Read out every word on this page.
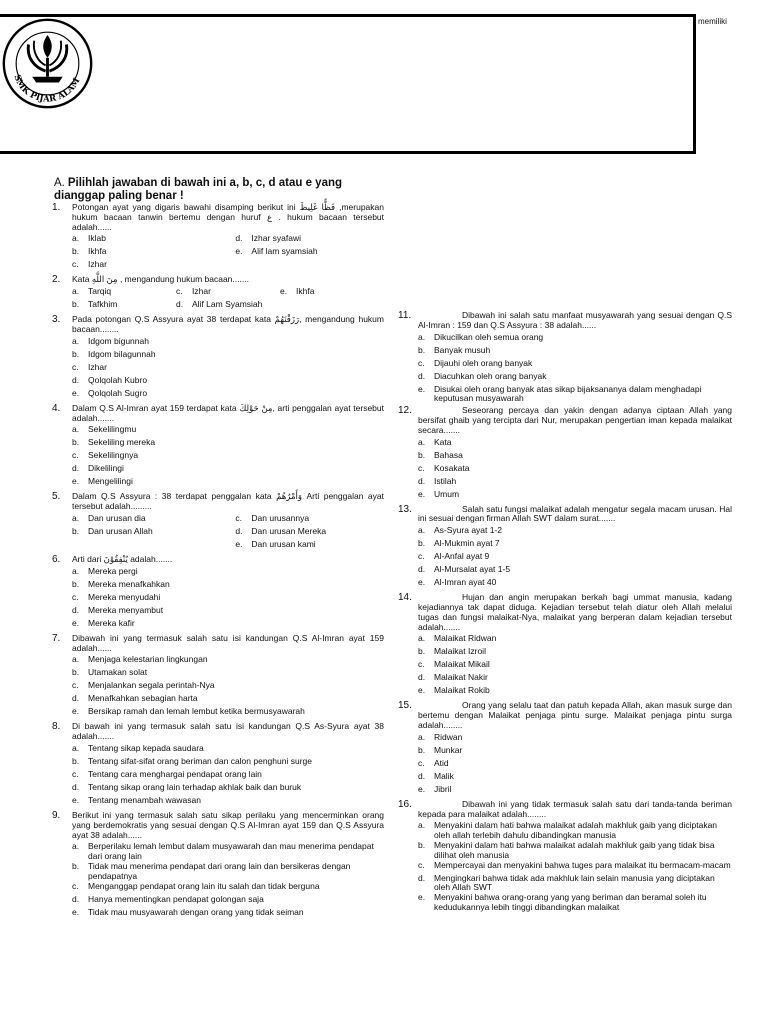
memiliki
SMK PIJAR ALAM
A. Pilihlah jawaban di bawah ini a, b, c, d atau e yang dianggap paling benar !
1. Potongan ayat yang digaris bawahi disamping berikut ini فَظًّا غَلِيظَ ,merupakan hukum bacaan tanwin bertemu dengan huruf ع . hukum bacaan tersebut adalah......
a. Iklab	d. Izhar syafawi
b. Ikhfa	e. Alif lam syamsiah
c. Izhar
2. Kata مِنَ اللَّهِ , mengandung hukum bacaan.......
a. Tarqiq	c. Izhar	e. Ikhfa
b. Tafkhim	d. Alif Lam Syamsiah
3. Pada potongan Q.S Assyura ayat 38 terdapat kata رَزَقْنَهُمْ, mengandung hukum bacaan........
a. Idgom bigunnah
b. Idgom bilagunnah
c. Izhar
d. Qolqolah Kubro
e. Qolqolah Sugro
4. Dalam Q.S Al-Imran ayat 159 terdapat kata مِنْ حَوْلِكَ, arti penggalan ayat tersebut adalah.......
a. Sekelilingmu
b. Sekeliling mereka
c. Sekelilingnya
d. Dikelilingi
e. Mengelilingi
5. Dalam Q.S Assyura : 38 terdapat penggalan kata وَأَمْرُهُمْ Arti penggalan ayat tersebut adalah.........
a. Dan urusan dia	c. Dan urusannya
b. Dan urusan Allah	d. Dan urusan Mereka
e. Dan urusan kami
6. Arti dari يُنْفِقُوْنَ adalah.......
a. Mereka pergi
b. Mereka menafkahkan
c. Mereka menyudahi
d. Mereka menyambut
e. Mereka kafir
7. Dibawah ini yang termasuk salah satu isi kandungan Q.S Al-Imran ayat 159 adalah......
a. Menjaga kelestarian lingkungan
b. Utamakan solat
c. Menjalankan segala perintah-Nya
d. Menafkahkan sebagian harta
e. Bersikap ramah dan lemah lembut ketika bermusyawarah
8. Di bawah ini yang termasuk salah satu isi kandungan Q.S As-Syura ayat 38 adalah.......
a. Tentang sikap kepada saudara
b. Tentang sifat-sifat orang beriman dan calon penghuni surge
c. Tentang cara menghargai pendapat orang lain
d. Tentang sikap orang lain terhadap akhlak baik dan buruk
e. Tentang menambah wawasan
9. Berikut ini yang termasuk salah satu sikap perilaku yang mencerminkan orang yang berdemokratis yang sesuai dengan Q.S Al-Imran ayat 159 dan Q.S Assyura ayat 38 adalah......
a. Berperilaku lemah lembut dalam musyawarah dan mau menerima pendapat dari orang lain
b. Tidak mau menerima pendapat dari orang lain dan bersikeras dengan pendapatnya
c. Menganggap pendapat orang lain itu salah dan tidak berguna
d. Hanya mementingkan pendapat golongan saja
e. Tidak mau musyawarah dengan orang yang tidak seiman
11.	Dibawah ini salah satu manfaat musyawarah yang sesuai dengan Q.S Al-Imran : 159 dan Q.S Assyura : 38 adalah......
a. Dikucilkan oleh semua orang
b. Banyak musuh
c. Dijauhi oleh orang banyak
d. Diacuhkan oleh orang banyak
e. Disukai oleh orang banyak atas sikap bijaksananya dalam menghadapi keputusan musyawarah
12.	Seseorang percaya dan yakin dengan adanya ciptaan Allah yang bersifat ghaib yang tercipta dari Nur, merupakan pengertian iman kepada malaikat secara.......
a. Kata
b. Bahasa
c. Kosakata
d. Istilah
e. Umum
13.	Salah satu fungsi malaikat adalah mengatur segala macam urusan. Hal ini sesuai dengan firman Allah SWT dalam surat.......
a. As-Syura ayat 1-2
b. Al-Mukmin ayat 7
c. Al-Anfal ayat 9
d. Al-Mursalat ayat 1-5
e. Al-Imran ayat 40
14.	Hujan dan angin merupakan berkah bagi ummat manusia, kadang kejadiannya tak dapat diduga. Kejadian tersebut telah diatur oleh Allah melalui tugas dan fungsi malaikat-Nya, malaikat yang berperan dalam kejadian tersebut adalah.......
a. Malaikat Ridwan
b. Malaikat Izroil
c. Malaikat Mikail
d. Malaikat Nakir
e. Malaikat Rokib
15.	Orang yang selalu taat dan patuh kepada Allah, akan masuk surge dan bertemu dengan Malaikat penjaga pintu surge. Malaikat penjaga pintu surga adalah........
a. Ridwan
b. Munkar
c. Atid
d. Malik
e. Jibril
16.	Dibawah ini yang tidak termasuk salah satu dari tanda-tanda beriman kepada para malaikat adalah........
a. Menyakini dalam hati bahwa malaikat adalah makhluk gaib yang diciptakan oleh allah terlebih dahulu dibandingkan manusia
b. Menyakini dalam hati bahwa malaikat adalah makhluk gaib yang tidak bisa dilihat oleh manusia
c. Mempercayai dan menyakini bahwa tuges para malaikat itu bermacam-macam
d. Mengingkari bahwa tidak ada makhluk lain selain manusia yang diciptakan oleh Allah SWT
e. Menyakini bahwa orang-orang yang yang beriman dan beramal soleh itu kedudukannya lebih tinggi dibandingkan malaikat
